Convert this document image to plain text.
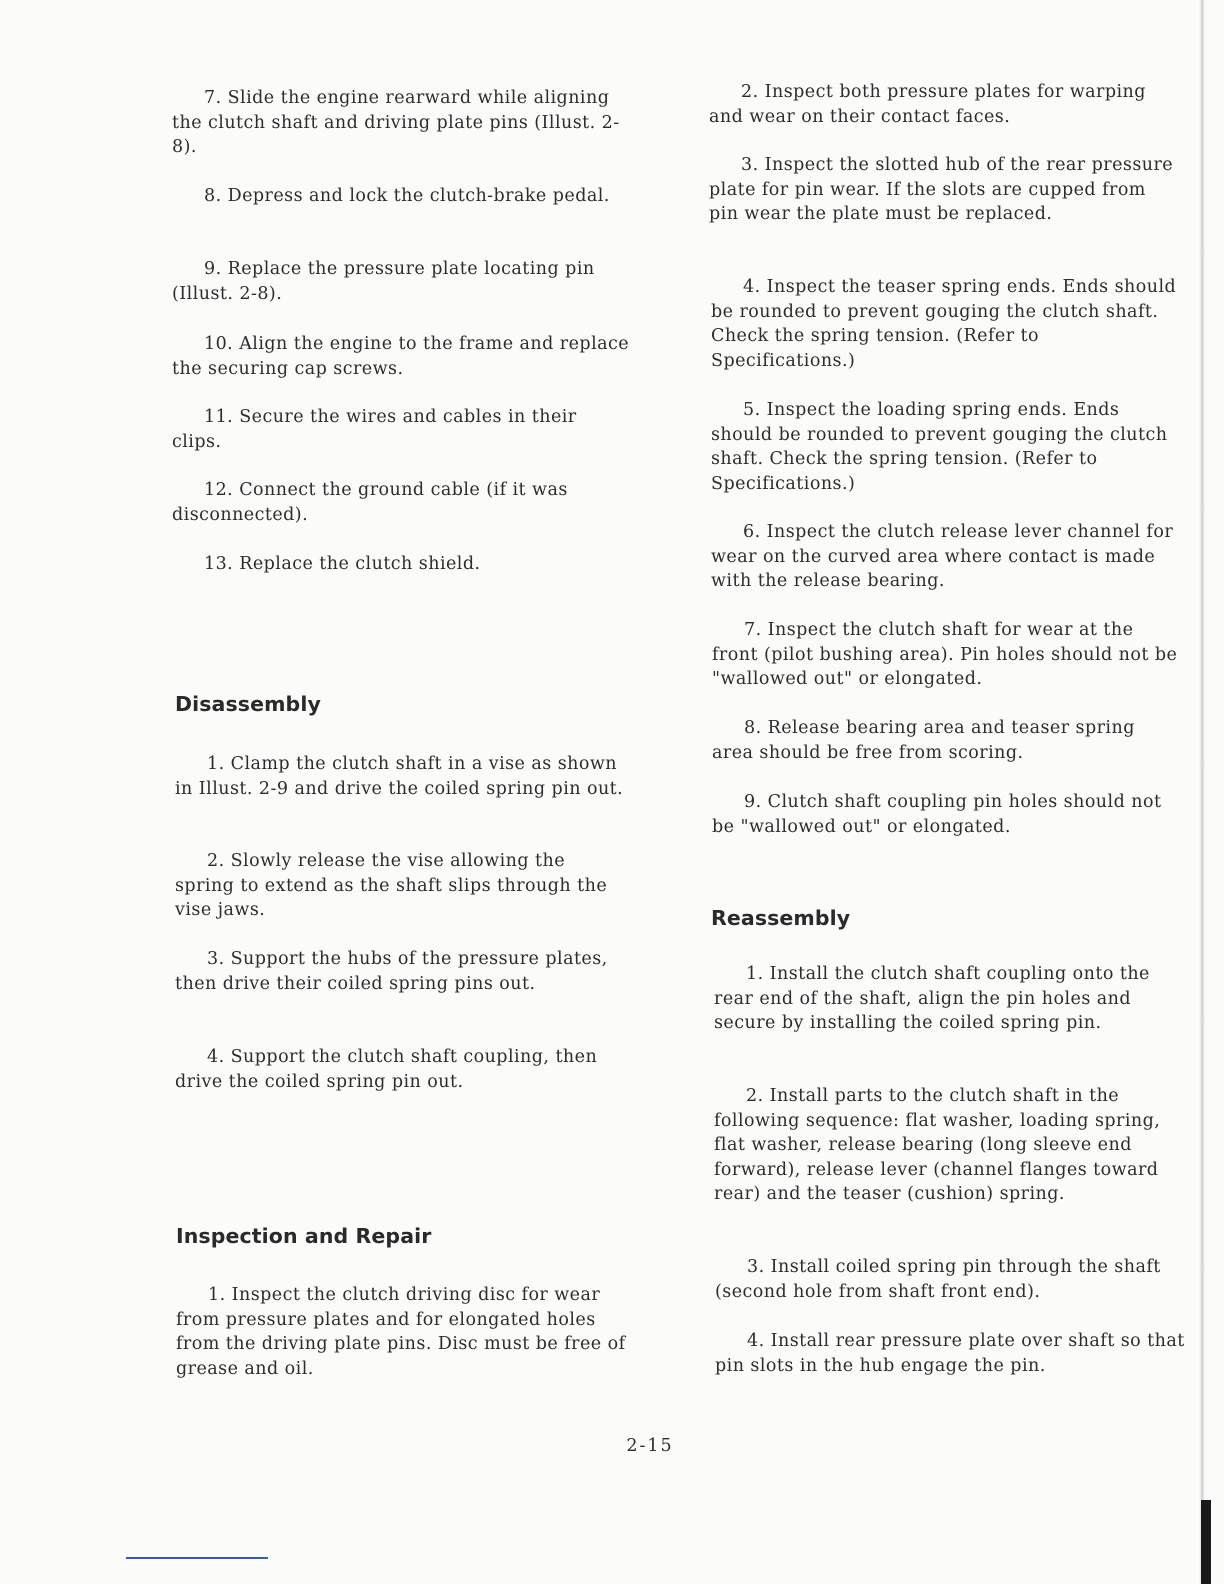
7. Slide the engine rearward while aligning the clutch shaft and driving plate pins (Illust. 2-8).

8. Depress and lock the clutch-brake pedal.

9. Replace the pressure plate locating pin (Illust. 2-8).

10. Align the engine to the frame and replace the securing cap screws.

11. Secure the wires and cables in their clips.

12. Connect the ground cable (if it was disconnected).

13. Replace the clutch shield.

Disassembly

1. Clamp the clutch shaft in a vise as shown in Illust. 2-9 and drive the coiled spring pin out.

2. Slowly release the vise allowing the spring to extend as the shaft slips through the vise jaws.

3. Support the hubs of the pressure plates, then drive their coiled spring pins out.

4. Support the clutch shaft coupling, then drive the coiled spring pin out.

Inspection and Repair

1. Inspect the clutch driving disc for wear from pressure plates and for elongated holes from the driving plate pins. Disc must be free of grease and oil.

2. Inspect both pressure plates for warping and wear on their contact faces.

3. Inspect the slotted hub of the rear pressure plate for pin wear. If the slots are cupped from pin wear the plate must be replaced.

4. Inspect the teaser spring ends. Ends should be rounded to prevent gouging the clutch shaft. Check the spring tension. (Refer to Specifications.)

5. Inspect the loading spring ends. Ends should be rounded to prevent gouging the clutch shaft. Check the spring tension. (Refer to Specifications.)

6. Inspect the clutch release lever channel for wear on the curved area where contact is made with the release bearing.

7. Inspect the clutch shaft for wear at the front (pilot bushing area). Pin holes should not be "wallowed out" or elongated.

8. Release bearing area and teaser spring area should be free from scoring.

9. Clutch shaft coupling pin holes should not be "wallowed out" or elongated.

Reassembly

1. Install the clutch shaft coupling onto the rear end of the shaft, align the pin holes and secure by installing the coiled spring pin.

2. Install parts to the clutch shaft in the following sequence: flat washer, loading spring, flat washer, release bearing (long sleeve end forward), release lever (channel flanges toward rear) and the teaser (cushion) spring.

3. Install coiled spring pin through the shaft (second hole from shaft front end).

4. Install rear pressure plate over shaft so that pin slots in the hub engage the pin.

2-15
